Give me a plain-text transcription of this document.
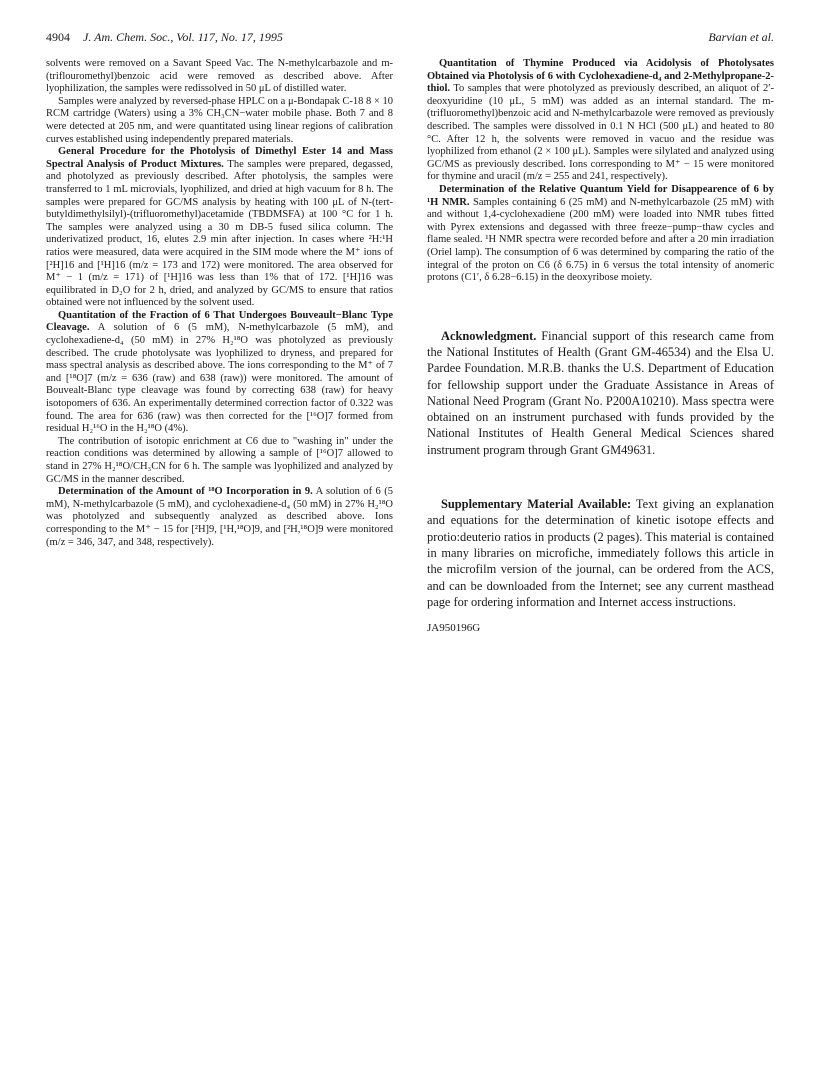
4904 J. Am. Chem. Soc., Vol. 117, No. 17, 1995	Barvian et al.

solvents were removed on a Savant Speed Vac. The N-methylcarbazole and m-(triflouromethyl)benzoic acid were removed as described above. After lyophilization, the samples were redissolved in 50 μL of distilled water.

Samples were analyzed by reversed-phase HPLC on a μ-Bondapak C-18 8 × 10 RCM cartridge (Waters) using a 3% CH₃CN−water mobile phase. Both 7 and 8 were detected at 205 nm, and were quantitated using linear regions of calibration curves established using independently prepared materials.

General Procedure for the Photolysis of Dimethyl Ester 14 and Mass Spectral Analysis of Product Mixtures. The samples were prepared, degassed, and photolyzed as previously described. After photolysis, the samples were transferred to 1 mL microvials, lyophilized, and dried at high vacuum for 8 h. The samples were prepared for GC/MS analysis by heating with 100 μL of N-(tert-butyldimethylsilyl)-(trifluoromethyl)acetamide (TBDMSFA) at 100 °C for 1 h. The samples were analyzed using a 30 m DB-5 fused silica column. The underivatized product, 16, elutes 2.9 min after injection. In cases where ²H:¹H ratios were measured, data were acquired in the SIM mode where the M⁺ ions of [²H]16 and [¹H]16 (m/z = 173 and 172) were monitored. The area observed for M⁺ − 1 (m/z = 171) of [¹H]16 was less than 1% that of 172. [¹H]16 was equilibrated in D₂O for 2 h, dried, and analyzed by GC/MS to ensure that ratios obtained were not influenced by the solvent used.

Quantitation of the Fraction of 6 That Undergoes Bouveault−Blanc Type Cleavage. A solution of 6 (5 mM), N-methylcarbazole (5 mM), and cyclohexadiene-d₄ (50 mM) in 27% H₂¹⁸O was photolyzed as previously described. The crude photolysate was lyophilized to dryness, and prepared for mass spectral analysis as described above. The ions corresponding to the M⁺ of 7 and [¹⁸O]7 (m/z = 636 (raw) and 638 (raw)) were monitored. The amount of Bouvealt-Blanc type cleavage was found by correcting 638 (raw) for heavy isotopomers of 636. An experimentally determined correction factor of 0.322 was found. The area for 636 (raw) was then corrected for the [¹⁶O]7 formed from residual H₂¹⁶O in the H₂¹⁸O (4%).

The contribution of isotopic enrichment at C6 due to "washing in" under the reaction conditions was determined by allowing a sample of [¹⁶O]7 allowed to stand in 27% H₂¹⁸O/CH₃CN for 6 h. The sample was lyophilized and analyzed by GC/MS in the manner described.

Determination of the Amount of ¹⁸O Incorporation in 9. A solution of 6 (5 mM), N-methylcarbazole (5 mM), and cyclohexadiene-d₄ (50 mM) in 27% H₂¹⁸O was photolyzed and subsequently analyzed as described above. Ions corresponding to the M⁺ − 15 for [²H]9, [¹H,¹⁸O]9, and [²H,¹⁸O]9 were monitored (m/z = 346, 347, and 348, respectively).

Quantitation of Thymine Produced via Acidolysis of Photolysates Obtained via Photolysis of 6 with Cyclohexadiene-d₄ and 2-Methylpropane-2-thiol. To samples that were photolyzed as previously described, an aliquot of 2′-deoxyuridine (10 μL, 5 mM) was added as an internal standard. The m-(trifluoromethyl)benzoic acid and N-methylcarbazole were removed as previously described. The samples were dissolved in 0.1 N HCl (500 μL) and heated to 80 °C. After 12 h, the solvents were removed in vacuo and the residue was lyophilized from ethanol (2 × 100 μL). Samples were silylated and analyzed using GC/MS as previously described. Ions corresponding to M⁺ − 15 were monitored for thymine and uracil (m/z = 255 and 241, respectively).

Determination of the Relative Quantum Yield for Disappearence of 6 by ¹H NMR. Samples containing 6 (25 mM) and N-methylcarbazole (25 mM) with and without 1,4-cyclohexadiene (200 mM) were loaded into NMR tubes fitted with Pyrex extensions and degassed with three freeze−pump−thaw cycles and flame sealed. ¹H NMR spectra were recorded before and after a 20 min irradiation (Oriel lamp). The consumption of 6 was determined by comparing the ratio of the integral of the proton on C6 (δ 6.75) in 6 versus the total intensity of anomeric protons (C1′, δ 6.28−6.15) in the deoxyribose moiety.

Acknowledgment. Financial support of this research came from the National Institutes of Health (Grant GM-46534) and the Elsa U. Pardee Foundation. M.R.B. thanks the U.S. Department of Education for fellowship support under the Graduate Assistance in Areas of National Need Program (Grant No. P200A10210). Mass spectra were obtained on an instrument purchased with funds provided by the National Institutes of Health General Medical Sciences shared instrument program through Grant GM49631.

Supplementary Material Available: Text giving an explanation and equations for the determination of kinetic isotope effects and protio:deuterio ratios in products (2 pages). This material is contained in many libraries on microfiche, immediately follows this article in the microfilm version of the journal, can be ordered from the ACS, and can be downloaded from the Internet; see any current masthead page for ordering information and Internet access instructions.

JA950196G
